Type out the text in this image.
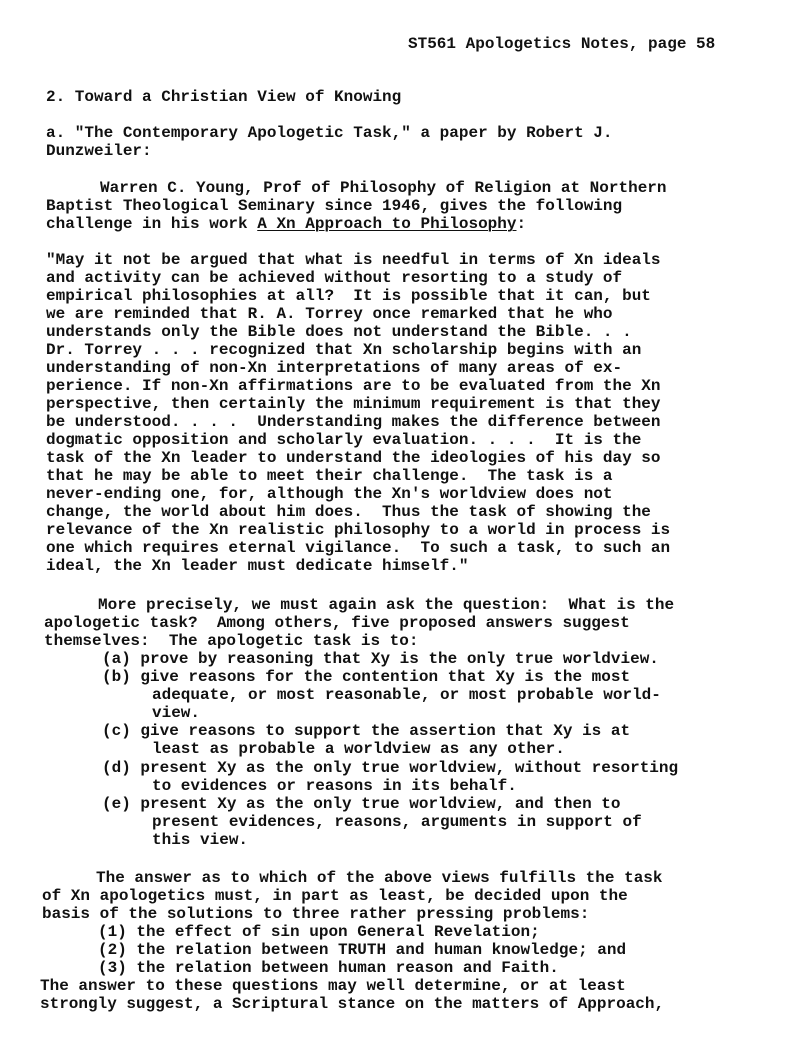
ST561 Apologetics Notes, page 58
2. Toward a Christian View of Knowing
a. "The Contemporary Apologetic Task," a paper by Robert J.
Dunzweiler:
Warren C. Young, Prof of Philosophy of Religion at Northern
Baptist Theological Seminary since 1946, gives the following
challenge in his work A Xn Approach to Philosophy:
"May it not be argued that what is needful in terms of Xn ideals
and activity can be achieved without resorting to a study of
empirical philosophies at all?  It is possible that it can, but
we are reminded that R. A. Torrey once remarked that he who
understands only the Bible does not understand the Bible. . .
Dr. Torrey . . . recognized that Xn scholarship begins with an
understanding of non-Xn interpretations of many areas of ex-
perience. If non-Xn affirmations are to be evaluated from the Xn
perspective, then certainly the minimum requirement is that they
be understood. . . .  Understanding makes the difference between
dogmatic opposition and scholarly evaluation. . . .  It is the
task of the Xn leader to understand the ideologies of his day so
that he may be able to meet their challenge.  The task is a
never-ending one, for, although the Xn's worldview does not
change, the world about him does.  Thus the task of showing the
relevance of the Xn realistic philosophy to a world in process is
one which requires eternal vigilance.  To such a task, to such an
ideal, the Xn leader must dedicate himself."
More precisely, we must again ask the question:  What is the
apologetic task?  Among others, five proposed answers suggest
themselves:  The apologetic task is to:
(a) prove by reasoning that Xy is the only true worldview.
(b) give reasons for the contention that Xy is the most
adequate, or most reasonable, or most probable world-
view.
(c) give reasons to support the assertion that Xy is at
least as probable a worldview as any other.
(d) present Xy as the only true worldview, without resorting
to evidences or reasons in its behalf.
(e) present Xy as the only true worldview, and then to
present evidences, reasons, arguments in support of
this view.
The answer as to which of the above views fulfills the task
of Xn apologetics must, in part as least, be decided upon the
basis of the solutions to three rather pressing problems:
(1) the effect of sin upon General Revelation;
(2) the relation between TRUTH and human knowledge; and
(3) the relation between human reason and Faith.
The answer to these questions may well determine, or at least
strongly suggest, a Scriptural stance on the matters of Approach,
